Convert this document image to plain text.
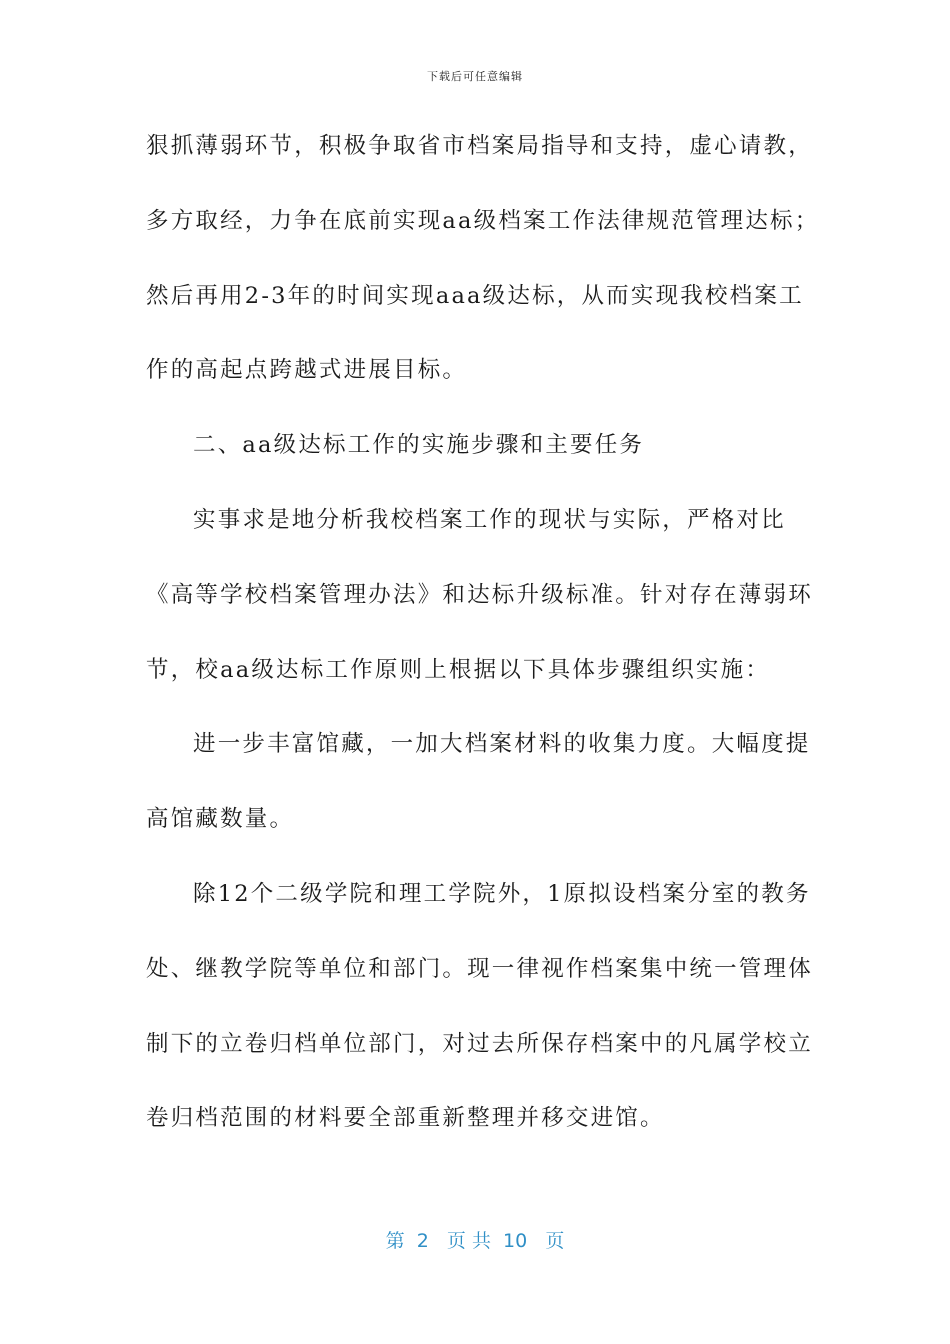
下载后可任意编辑
狠抓薄弱环节，积极争取省市档案局指导和支持，虚心请教，
多方取经，力争在底前实现aa级档案工作法律规范管理达标；
然后再用2-3年的时间实现aaa级达标，从而实现我校档案工
作的高起点跨越式进展目标。
二、aa级达标工作的实施步骤和主要任务
实事求是地分析我校档案工作的现状与实际，严格对比
《高等学校档案管理办法》和达标升级标准。针对存在薄弱环
节，校aa级达标工作原则上根据以下具体步骤组织实施：
进一步丰富馆藏，一加大档案材料的收集力度。大幅度提
高馆藏数量。
除12个二级学院和理工学院外，1原拟设档案分室的教务
处、继教学院等单位和部门。现一律视作档案集中统一管理体
制下的立卷归档单位部门，对过去所保存档案中的凡属学校立
卷归档范围的材料要全部重新整理并移交进馆。
第  2   页 共  10   页
